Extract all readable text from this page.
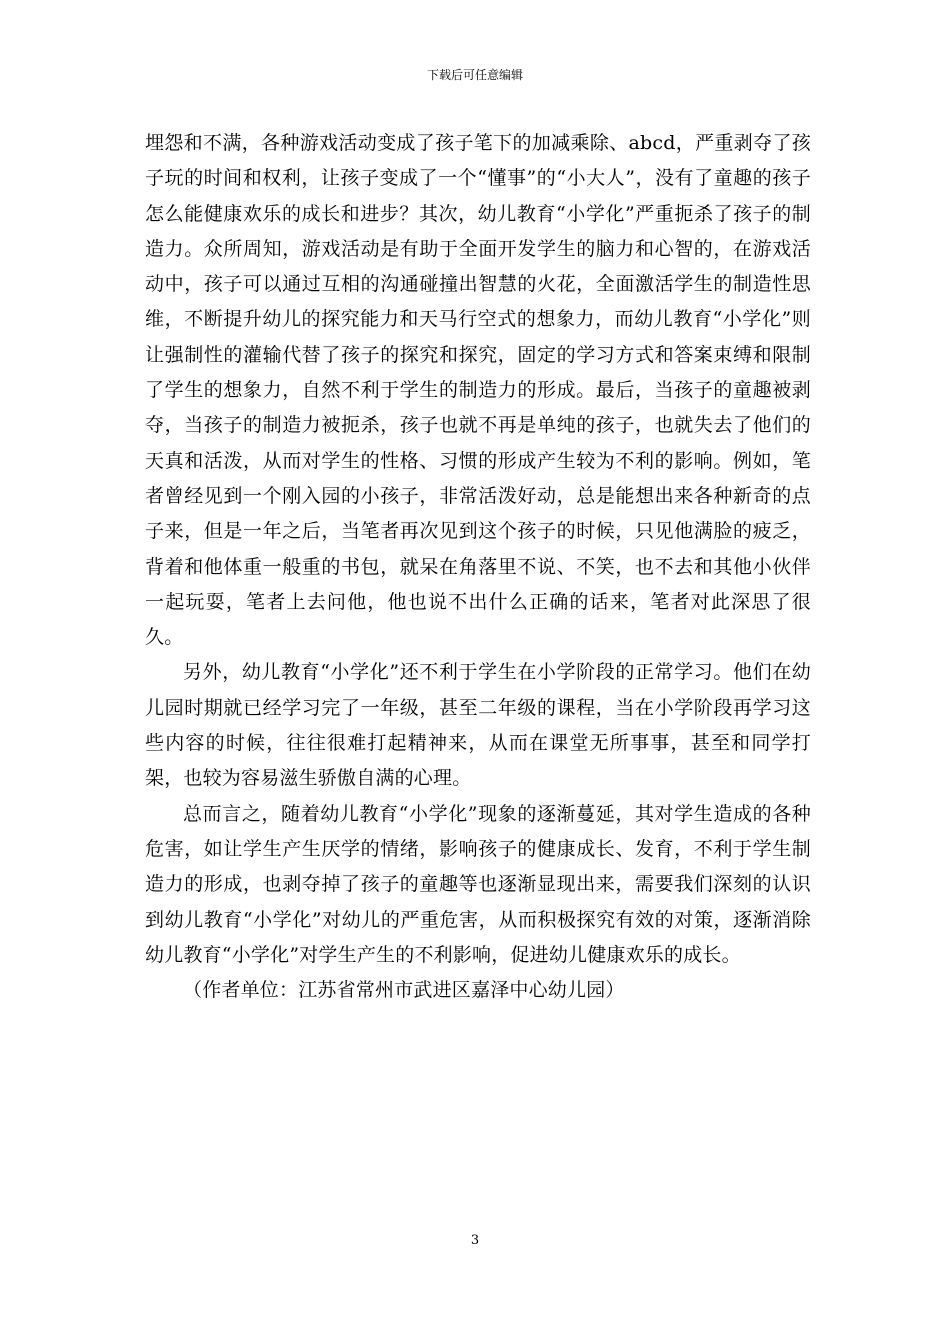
下载后可任意编辑

埋怨和不满，各种游戏活动变成了孩子笔下的加减乘除、abcd，严重剥夺了孩子玩的时间和权利，让孩子变成了一个“懂事”的“小大人”，没有了童趣的孩子怎么能健康欢乐的成长和进步？其次，幼儿教育“小学化”严重扼杀了孩子的制造力。众所周知，游戏活动是有助于全面开发学生的脑力和心智的，在游戏活动中，孩子可以通过互相的沟通碰撞出智慧的火花，全面激活学生的制造性思维，不断提升幼儿的探究能力和天马行空式的想象力，而幼儿教育“小学化”则让强制性的灌输代替了孩子的探究和探究，固定的学习方式和答案束缚和限制了学生的想象力，自然不利于学生的制造力的形成。最后，当孩子的童趣被剥夺，当孩子的制造力被扼杀，孩子也就不再是单纯的孩子，也就失去了他们的天真和活泼，从而对学生的性格、习惯的形成产生较为不利的影响。例如，笔者曾经见到一个刚入园的小孩子，非常活泼好动，总是能想出来各种新奇的点子来，但是一年之后，当笔者再次见到这个孩子的时候，只见他满脸的疲乏，背着和他体重一般重的书包，就呆在角落里不说、不笑，也不去和其他小伙伴一起玩耍，笔者上去问他，他也说不出什么正确的话来，笔者对此深思了很久。

另外，幼儿教育“小学化”还不利于学生在小学阶段的正常学习。他们在幼儿园时期就已经学习完了一年级，甚至二年级的课程，当在小学阶段再学习这些内容的时候，往往很难打起精神来，从而在课堂无所事事，甚至和同学打架，也较为容易滋生骄傲自满的心理。

总而言之，随着幼儿教育“小学化”现象的逐渐蔓延，其对学生造成的各种危害，如让学生产生厌学的情绪，影响孩子的健康成长、发育，不利于学生制造力的形成，也剥夺掉了孩子的童趣等也逐渐显现出来，需要我们深刻的认识到幼儿教育“小学化”对幼儿的严重危害，从而积极探究有效的对策，逐渐消除幼儿教育“小学化”对学生产生的不利影响，促进幼儿健康欢乐的成长。

（作者单位：江苏省常州市武进区嘉泽中心幼儿园）

3
